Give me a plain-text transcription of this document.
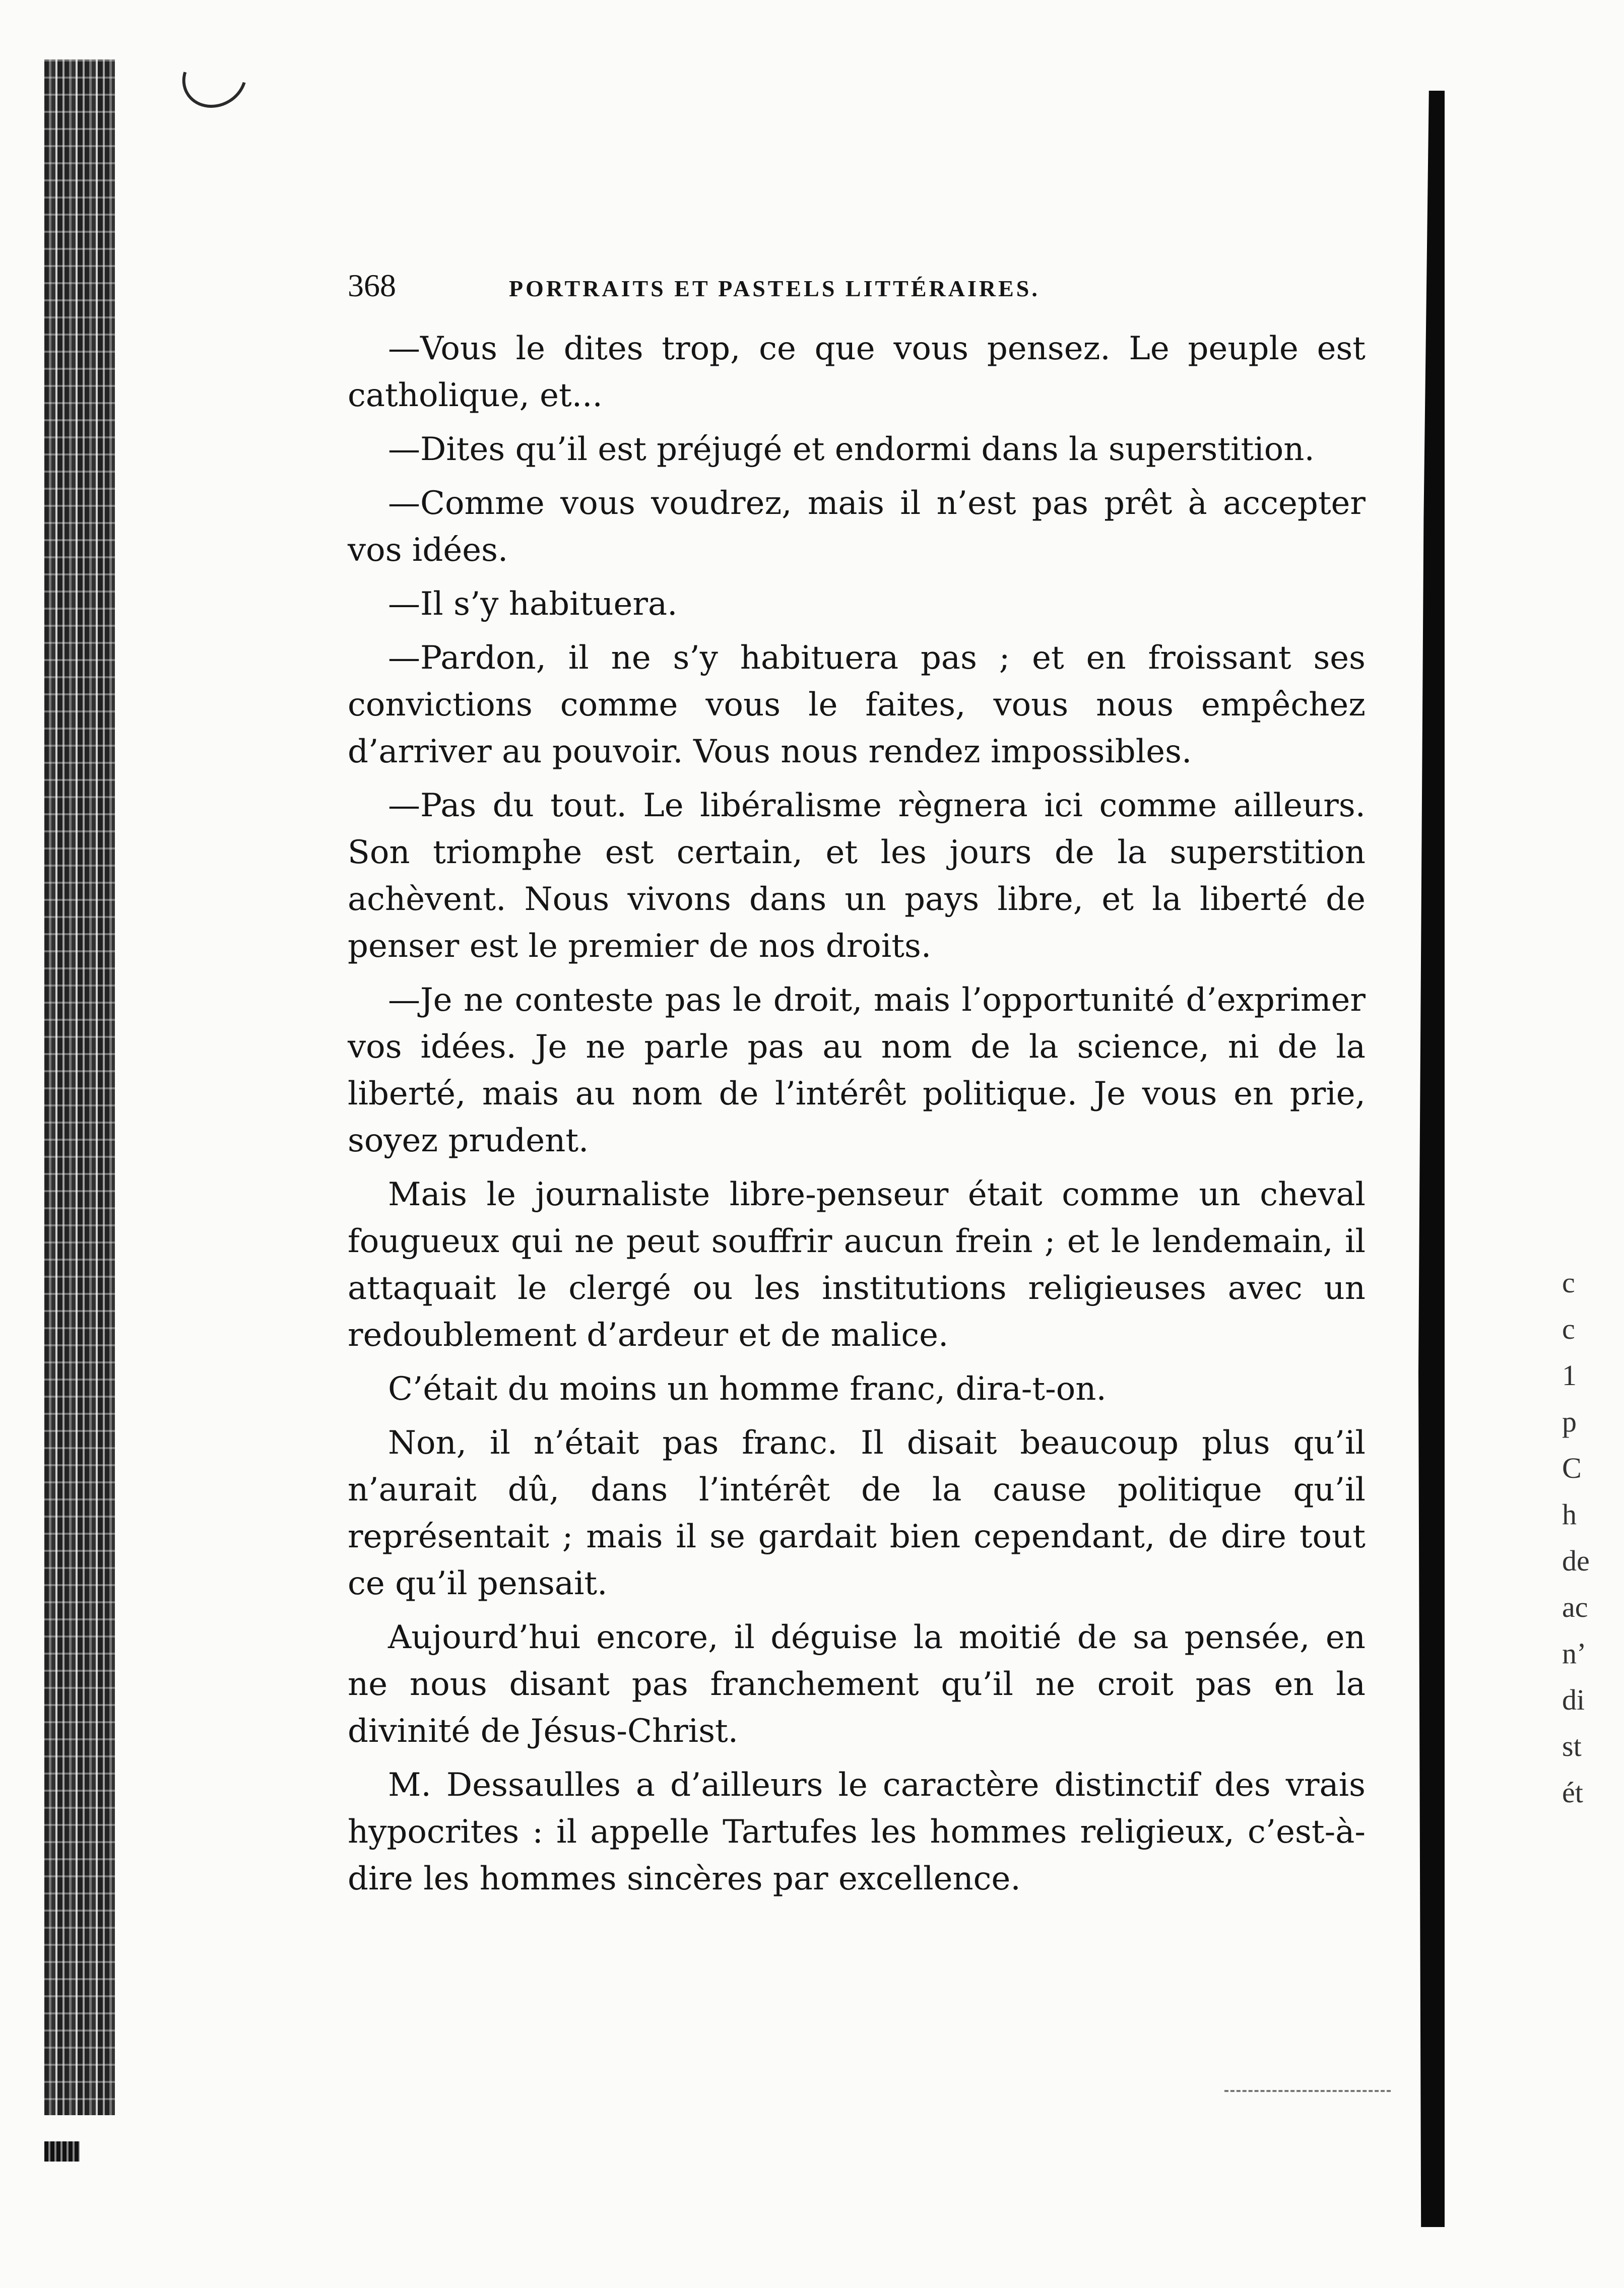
c
c
1
p
C
h
de
ac
n’
di
st
ét
368	PORTRAITS ET PASTELS LITTÉRAIRES.

—Vous le dites trop, ce que vous pensez. Le peuple est catholique, et...

—Dites qu’il est préjugé et endormi dans la superstition.

—Comme vous voudrez, mais il n’est pas prêt à accepter vos idées.

—Il s’y habituera.

—Pardon, il ne s’y habituera pas ; et en froissant ses convictions comme vous le faites, vous nous empêchez d’arriver au pouvoir. Vous nous rendez impossibles.

—Pas du tout. Le libéralisme règnera ici comme ailleurs. Son triomphe est certain, et les jours de la superstition achèvent. Nous vivons dans un pays libre, et la liberté de penser est le premier de nos droits.

—Je ne conteste pas le droit, mais l’opportunité d’exprimer vos idées. Je ne parle pas au nom de la science, ni de la liberté, mais au nom de l’intérêt politique. Je vous en prie, soyez prudent.

Mais le journaliste libre-penseur était comme un cheval fougueux qui ne peut souffrir aucun frein ; et le lendemain, il attaquait le clergé ou les institutions religieuses avec un redoublement d’ardeur et de malice.

C’était du moins un homme franc, dira-t-on.

Non, il n’était pas franc. Il disait beaucoup plus qu’il n’aurait dû, dans l’intérêt de la cause politique qu’il représentait ; mais il se gardait bien cependant, de dire tout ce qu’il pensait.

Aujourd’hui encore, il déguise la moitié de sa pensée, en ne nous disant pas franchement qu’il ne croit pas en la divinité de Jésus-Christ.

M. Dessaulles a d’ailleurs le caractère distinctif des vrais hypocrites : il appelle Tartufes les hommes religieux, c’est-à-dire les hommes sincères par excellence.
